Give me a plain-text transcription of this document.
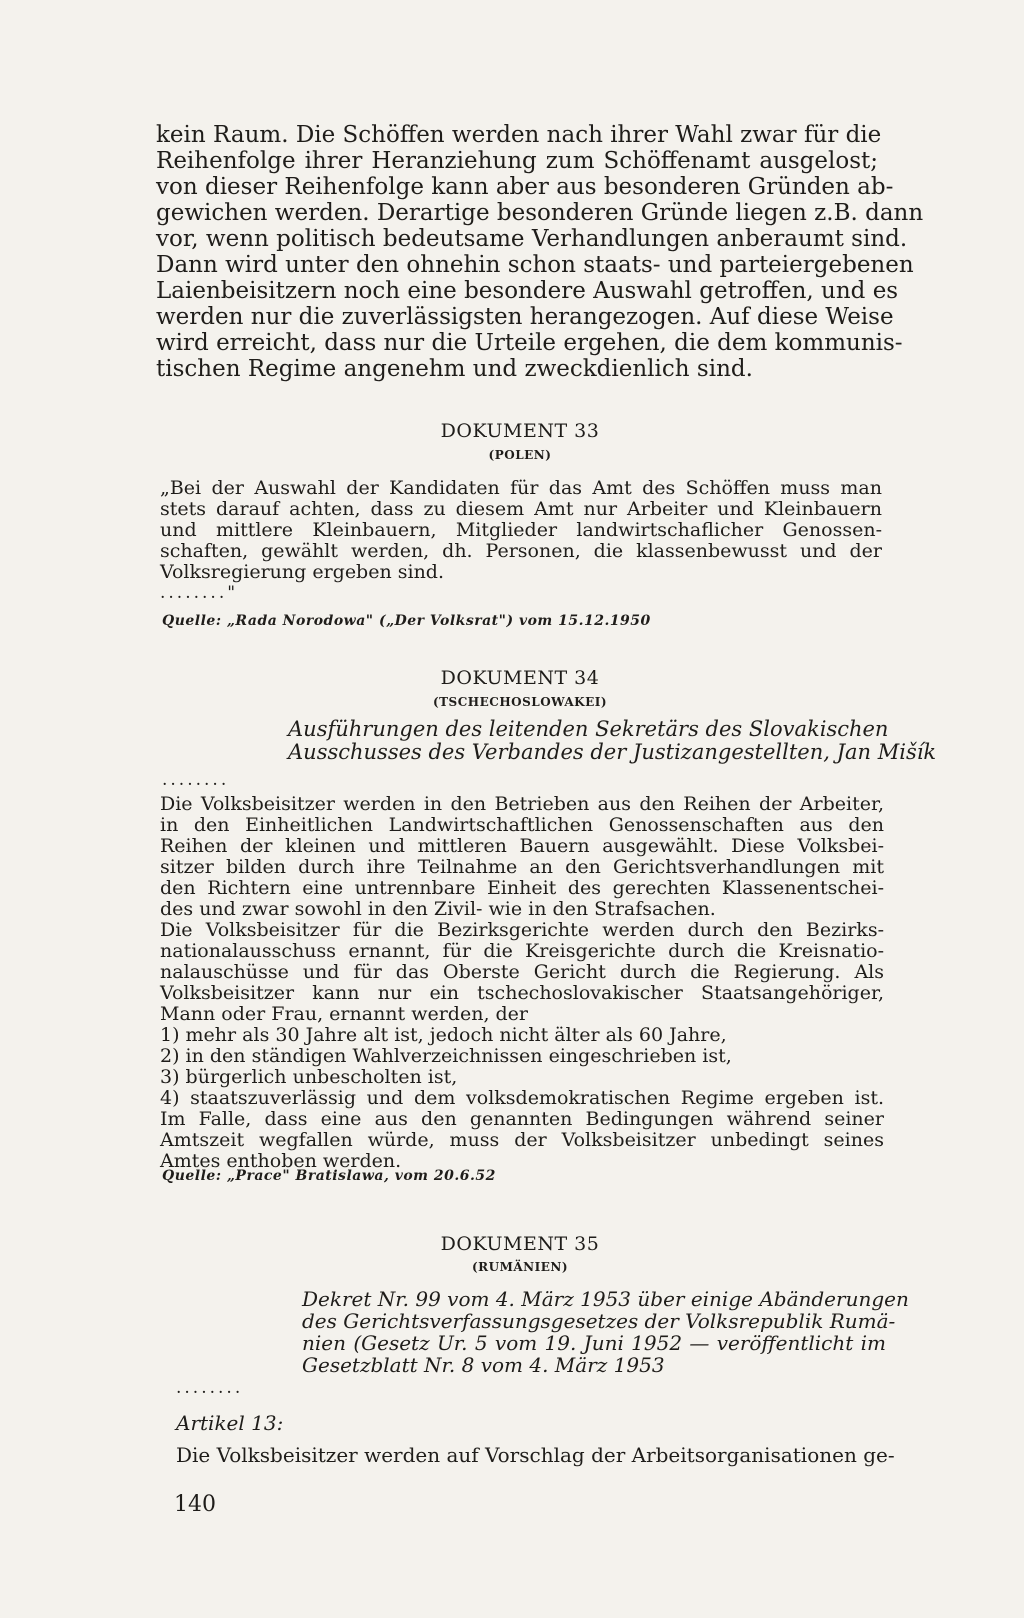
kein Raum. Die Schöffen werden nach ihrer Wahl zwar für die
Reihenfolge ihrer Heranziehung zum Schöffenamt ausgelost;
von dieser Reihenfolge kann aber aus besonderen Gründen ab-
gewichen werden. Derartige besonderen Gründe liegen z.B. dann
vor, wenn politisch bedeutsame Verhandlungen anberaumt sind.
Dann wird unter den ohnehin schon staats- und parteiergebenen
Laienbeisitzern noch eine besondere Auswahl getroffen, und es
werden nur die zuverlässigsten herangezogen. Auf diese Weise
wird erreicht, dass nur die Urteile ergehen, die dem kommunis-
tischen Regime angenehm und zweckdienlich sind.
DOKUMENT 33
(POLEN)
„Bei der Auswahl der Kandidaten für das Amt des Schöffen muss man
stets darauf achten, dass zu diesem Amt nur Arbeiter und Kleinbauern
und mittlere Kleinbauern, Mitglieder landwirtschaflicher Genossen-
schaften, gewählt werden, dh. Personen, die klassenbewusst und der
Volksregierung ergeben sind.
........"
Quelle: „Rada Norodowa" („Der Volksrat") vom 15.12.1950
DOKUMENT 34
(TSCHECHOSLOWAKEI)
Ausführungen des leitenden Sekretärs des Slovakischen
Ausschusses des Verbandes der Justizangestellten, Jan Mišík
........
Die Volksbeisitzer werden in den Betrieben aus den Reihen der Arbeiter,
in den Einheitlichen Landwirtschaftlichen Genossenschaften aus den
Reihen der kleinen und mittleren Bauern ausgewählt. Diese Volksbei-
sitzer bilden durch ihre Teilnahme an den Gerichtsverhandlungen mit
den Richtern eine untrennbare Einheit des gerechten Klassenentschei-
des und zwar sowohl in den Zivil- wie in den Strafsachen.
Die Volksbeisitzer für die Bezirksgerichte werden durch den Bezirks-
nationalausschuss ernannt, für die Kreisgerichte durch die Kreisnatio-
nalauschüsse und für das Oberste Gericht durch die Regierung. Als
Volksbeisitzer kann nur ein tschechoslovakischer Staatsangehöriger,
Mann oder Frau, ernannt werden, der
1) mehr als 30 Jahre alt ist, jedoch nicht älter als 60 Jahre,
2) in den ständigen Wahlverzeichnissen eingeschrieben ist,
3) bürgerlich unbescholten ist,
4) staatszuverlässig und dem volksdemokratischen Regime ergeben ist.
Im Falle, dass eine aus den genannten Bedingungen während seiner
Amtszeit wegfallen würde, muss der Volksbeisitzer unbedingt seines
Amtes enthoben werden.
Quelle: „Prace" Bratislawa, vom 20.6.52
DOKUMENT 35
(RUMÄNIEN)
Dekret Nr. 99 vom 4. März 1953 über einige Abänderungen
des Gerichtsverfassungsgesetzes der Volksrepublik Rumä-
nien (Gesetz Ur. 5 vom 19. Juni 1952 — veröffentlicht im
Gesetzblatt Nr. 8 vom 4. März 1953
........
Artikel 13:
Die Volksbeisitzer werden auf Vorschlag der Arbeitsorganisationen ge-
140
